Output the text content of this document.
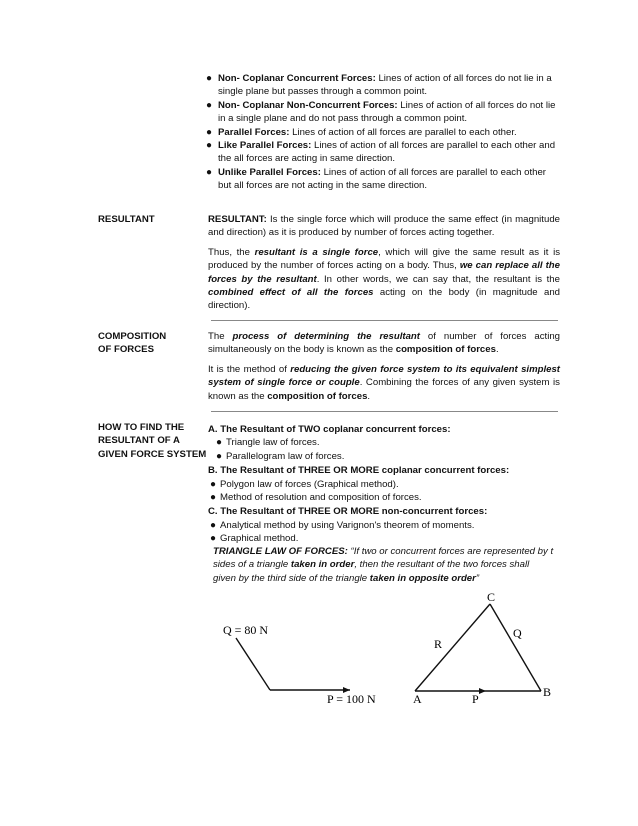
● Non- Coplanar Concurrent Forces: Lines of action of all forces do not lie in a
single plane but passes through a common point.
● Non- Coplanar Non-Concurrent Forces: Lines of action of all forces do not lie
in a single plane and do not pass through a common point.
● Parallel Forces: Lines of action of all forces are parallel to each other.
● Like Parallel Forces: Lines of action of all forces are parallel to each other and
the all forces are acting in same direction.
● Unlike Parallel Forces: Lines of action of all forces are parallel to each other
but all forces are not acting in the same direction.
RESULTANT	RESULTANT: Is the single force which will produce the same effect (in magnitude and direction) as it is produced by number of forces acting together.

Thus, the resultant is a single force, which will give the same result as it is produced by the number of forces acting on a body. Thus, we can replace all the forces by the resultant. In other words, we can say that, the resultant is the combined effect of all the forces acting on the body (in magnitude and direction).

COMPOSITION
OF FORCES

The process of determining the resultant of number of forces acting simultaneously on the body is known as the composition of forces.

It is the method of reducing the given force system to its equivalent simplest system of single force or couple. Combining the forces of any given system is known as the composition of forces.

HOW TO FIND THE
RESULTANT OF A
GIVEN FORCE SYSTEM
A. The Resultant of TWO coplanar concurrent forces:
● Triangle law of forces.
● Parallelogram law of forces.
B. The Resultant of THREE OR MORE coplanar concurrent forces:
● Polygon law of forces (Graphical method).
● Method of resolution and composition of forces.
C. The Resultant of THREE OR MORE non-concurrent forces:
● Analytical method by using Varignon's theorem of moments.
● Graphical method.
TRIANGLE LAW OF FORCES: “If two or concurrent forces are represented by t
sides of a triangle taken in order, then the resultant of the two forces shall
given by the third side of the triangle taken in opposite order”
Q = 80 N
P = 100 N	A	B
C
P
Q
R
